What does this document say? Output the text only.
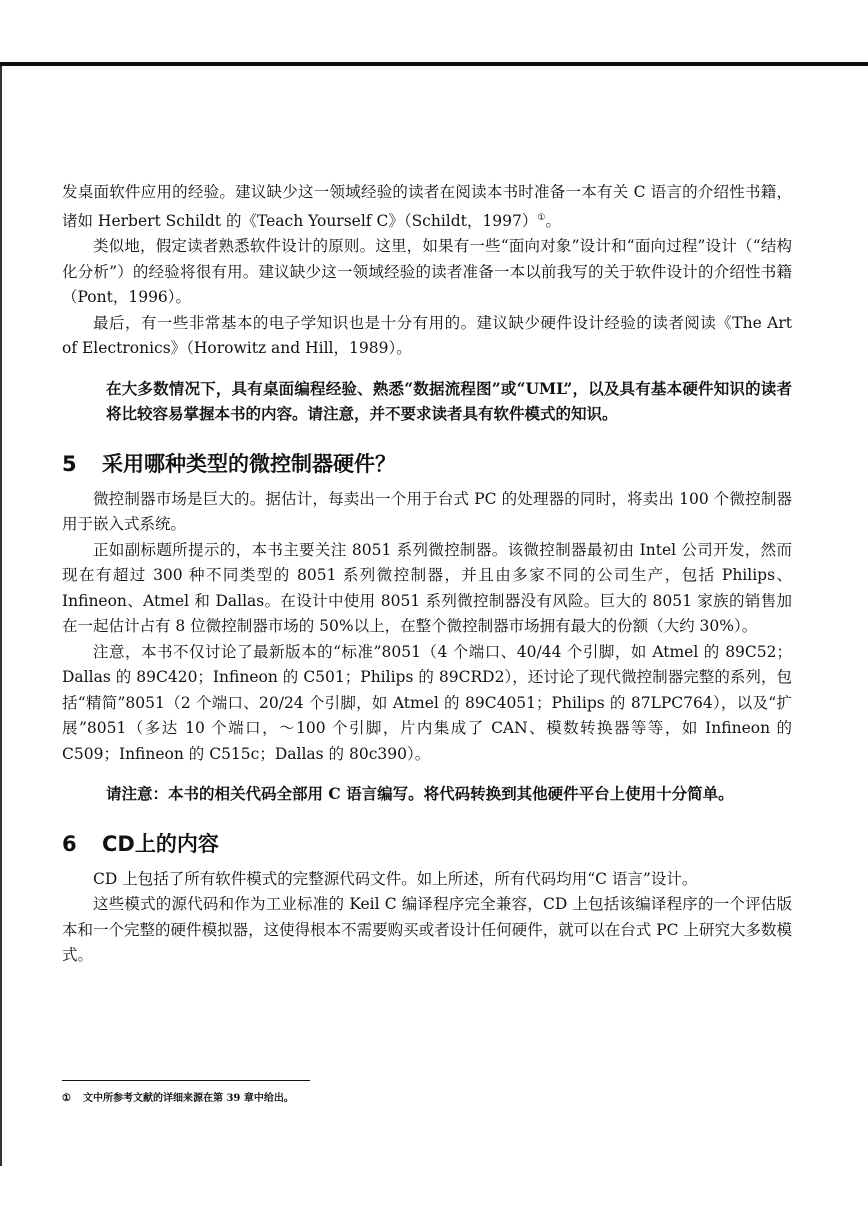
发桌面软件应用的经验。建议缺少这一领域经验的读者在阅读本书时准备一本有关 C 语言的介绍性书籍，诸如 Herbert Schildt 的《Teach Yourself C》（Schildt，1997）①。

类似地，假定读者熟悉软件设计的原则。这里，如果有一些“面向对象”设计和“面向过程”设计（“结构化分析”）的经验将很有用。建议缺少这一领域经验的读者准备一本以前我写的关于软件设计的介绍性书籍（Pont，1996）。

最后，有一些非常基本的电子学知识也是十分有用的。建议缺少硬件设计经验的读者阅读《The Art of Electronics》（Horowitz and Hill，1989）。

在大多数情况下，具有桌面编程经验、熟悉“数据流程图”或“UML”，以及具有基本硬件知识的读者将比较容易掌握本书的内容。请注意，并不要求读者具有软件模式的知识。

5 采用哪种类型的微控制器硬件？

微控制器市场是巨大的。据估计，每卖出一个用于台式 PC 的处理器的同时，将卖出 100 个微控制器用于嵌入式系统。

正如副标题所提示的，本书主要关注 8051 系列微控制器。该微控制器最初由 Intel 公司开发，然而现在有超过 300 种不同类型的 8051 系列微控制器，并且由多家不同的公司生产，包括 Philips、Infineon、Atmel 和 Dallas。在设计中使用 8051 系列微控制器没有风险。巨大的 8051 家族的销售加在一起估计占有 8 位微控制器市场的 50%以上，在整个微控制器市场拥有最大的份额（大约 30%）。

注意，本书不仅讨论了最新版本的“标准”8051（4 个端口、40/44 个引脚，如 Atmel 的 89C52；Dallas 的 89C420；Infineon 的 C501；Philips 的 89CRD2），还讨论了现代微控制器完整的系列，包括“精简”8051（2 个端口、20/24 个引脚，如 Atmel 的 89C4051；Philips 的 87LPC764），以及“扩展”8051（多达 10 个端口，～100 个引脚，片内集成了 CAN、模数转换器等等，如 Infineon 的 C509；Infineon 的 C515c；Dallas 的 80c390）。

请注意：本书的相关代码全部用 C 语言编写。将代码转换到其他硬件平台上使用十分简单。

6 CD上的内容

CD 上包括了所有软件模式的完整源代码文件。如上所述，所有代码均用“C 语言”设计。

这些模式的源代码和作为工业标准的 Keil C 编译程序完全兼容，CD 上包括该编译程序的一个评估版本和一个完整的硬件模拟器，这使得根本不需要购买或者设计任何硬件，就可以在台式 PC 上研究大多数模式。

① 文中所参考文献的详细来源在第 39 章中给出。
